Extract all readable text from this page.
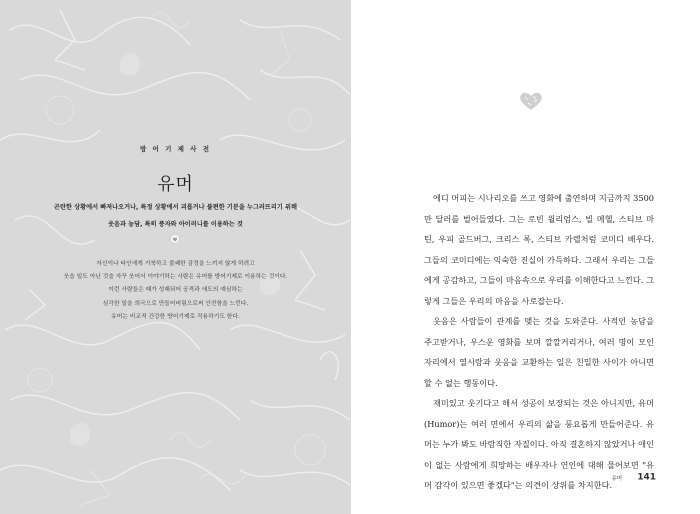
방 어 기 제 사 전
유머
곤란한 상황에서 빠져나오거나, 특정 상황에서 괴롭거나 불편한 기분을 누그러뜨리기 위해
웃음과 농담, 특히 풍자와 아이러니를 이용하는 것
자신이나 타인에게 거북하고 불쾌한 감정을 느끼지 않게 하려고
웃을 일도 아닌 것을 자꾸 웃어서 이야기하는 사람은 유머를 방어기제로 이용하는 것이다.
이런 사람들은 때가 성패되어 공격과 애도의 예심하는
심각한 일을 희극으로 만들어버림으로써 안전함을 느낀다.
유머는 비교적 건강한 방어기제로 작용하기도 한다.

에디 머피는 시나리오를 쓰고 영화에 출연하며 지금까지 3500만 달러를 벌어들였다. 그는 로빈 윌리엄스, 빌 메헬, 스티브 마틴, 우피 골드버그, 크리스 록, 스티브 카렐처럼 코미디 배우다. 그들의 코미디에는 익숙한 진실이 가득하다. 그래서 우리는 그들에게 공감하고, 그들이 마음속으로 우리를 이해한다고 느낀다. 그렇게 그들은 우리의 마음을 사로잡는다.

웃음은 사람들이 관계를 맺는 것을 도와준다. 사적인 농담을 주고받거나, 우스운 영화를 보며 깔깔거리거나, 여러 명이 모인 자리에서 열시람과 웃음을 교환하는 일은 친밀한 사이가 아니면 할 수 없는 행동이다.

재미있고 웃기다고 해서 성공이 보장되는 것은 아니지만, 유머(Humor)는 여러 면에서 우리의 삶을 풍요롭게 만들어준다. 유머는 누가 봐도 바람직한 자질이다. 아직 결혼하지 않았거나 애인이 없는 사람에게 희망하는 배우자나 연인에 대해 물어보면 "유머 감각이 있으면 좋겠다"는 의견이 상위를 차지한다.

유머 141
